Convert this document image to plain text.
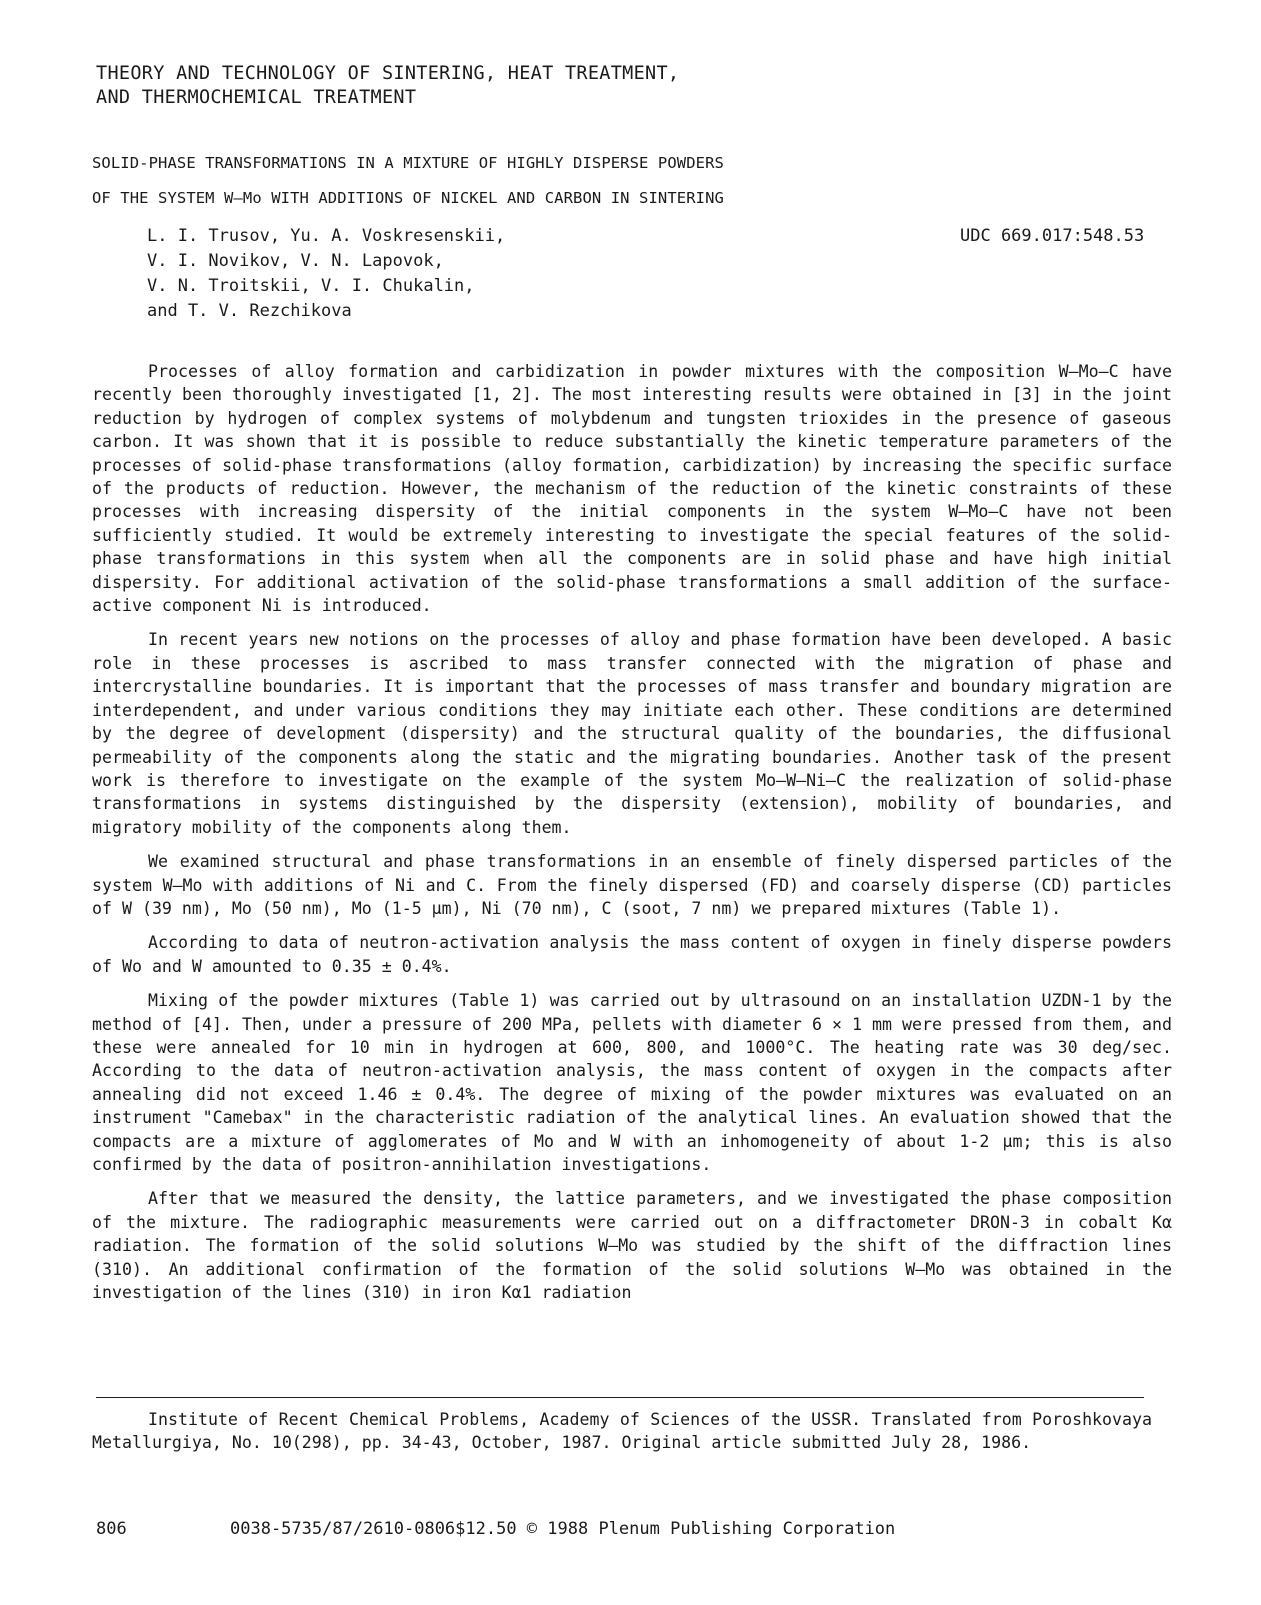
THEORY AND TECHNOLOGY OF SINTERING, HEAT TREATMENT,
AND THERMOCHEMICAL TREATMENT
SOLID-PHASE TRANSFORMATIONS IN A MIXTURE OF HIGHLY DISPERSE POWDERS
OF THE SYSTEM W—Mo WITH ADDITIONS OF NICKEL AND CARBON IN SINTERING
L. I. Trusov, Yu. A. Voskresenskii,
V. I. Novikov, V. N. Lapovok,
V. N. Troitskii, V. I. Chukalin,
and T. V. Rezchikova
UDC 669.017:548.53

Processes of alloy formation and carbidization in powder mixtures with the composition W—Mo—C have recently been thoroughly investigated [1, 2]. The most interesting results were obtained in [3] in the joint reduction by hydrogen of complex systems of molybdenum and tungsten trioxides in the presence of gaseous carbon. It was shown that it is possible to reduce substantially the kinetic temperature parameters of the processes of solid-phase transformations (alloy formation, carbidization) by increasing the specific surface of the products of reduction. However, the mechanism of the reduction of the kinetic constraints of these processes with increasing dispersity of the initial components in the system W—Mo—C have not been sufficiently studied. It would be extremely interesting to investigate the special features of the solid-phase transformations in this system when all the components are in solid phase and have high initial dispersity. For additional activation of the solid-phase transformations a small addition of the surface-active component Ni is introduced.

In recent years new notions on the processes of alloy and phase formation have been developed. A basic role in these processes is ascribed to mass transfer connected with the migration of phase and intercrystalline boundaries. It is important that the processes of mass transfer and boundary migration are interdependent, and under various conditions they may initiate each other. These conditions are determined by the degree of development (dispersity) and the structural quality of the boundaries, the diffusional permeability of the components along the static and the migrating boundaries. Another task of the present work is therefore to investigate on the example of the system Mo—W—Ni—C the realization of solid-phase transformations in systems distinguished by the dispersity (extension), mobility of boundaries, and migratory mobility of the components along them.

We examined structural and phase transformations in an ensemble of finely dispersed particles of the system W—Mo with additions of Ni and C. From the finely dispersed (FD) and coarsely disperse (CD) particles of W (39 nm), Mo (50 nm), Mo (1-5 μm), Ni (70 nm), C (soot, 7 nm) we prepared mixtures (Table 1).

According to data of neutron-activation analysis the mass content of oxygen in finely disperse powders of Wo and W amounted to 0.35 ± 0.4%.

Mixing of the powder mixtures (Table 1) was carried out by ultrasound on an installation UZDN-1 by the method of [4]. Then, under a pressure of 200 MPa, pellets with diameter 6 × 1 mm were pressed from them, and these were annealed for 10 min in hydrogen at 600, 800, and 1000°C. The heating rate was 30 deg/sec. According to the data of neutron-activation analysis, the mass content of oxygen in the compacts after annealing did not exceed 1.46 ± 0.4%. The degree of mixing of the powder mixtures was evaluated on an instrument "Camebax" in the characteristic radiation of the analytical lines. An evaluation showed that the compacts are a mixture of agglomerates of Mo and W with an inhomogeneity of about 1-2 μm; this is also confirmed by the data of positron-annihilation investigations.

After that we measured the density, the lattice parameters, and we investigated the phase composition of the mixture. The radiographic measurements were carried out on a diffractometer DRON-3 in cobalt Kα radiation. The formation of the solid solutions W—Mo was studied by the shift of the diffraction lines (310). An additional confirmation of the formation of the solid solutions W—Mo was obtained in the investigation of the lines (310) in iron Kα1 radiation

Institute of Recent Chemical Problems, Academy of Sciences of the USSR. Translated from Poroshkovaya Metallurgiya, No. 10(298), pp. 34-43, October, 1987. Original article submitted July 28, 1986.
806	0038-5735/87/2610-0806$12.50 © 1988 Plenum Publishing Corporation
